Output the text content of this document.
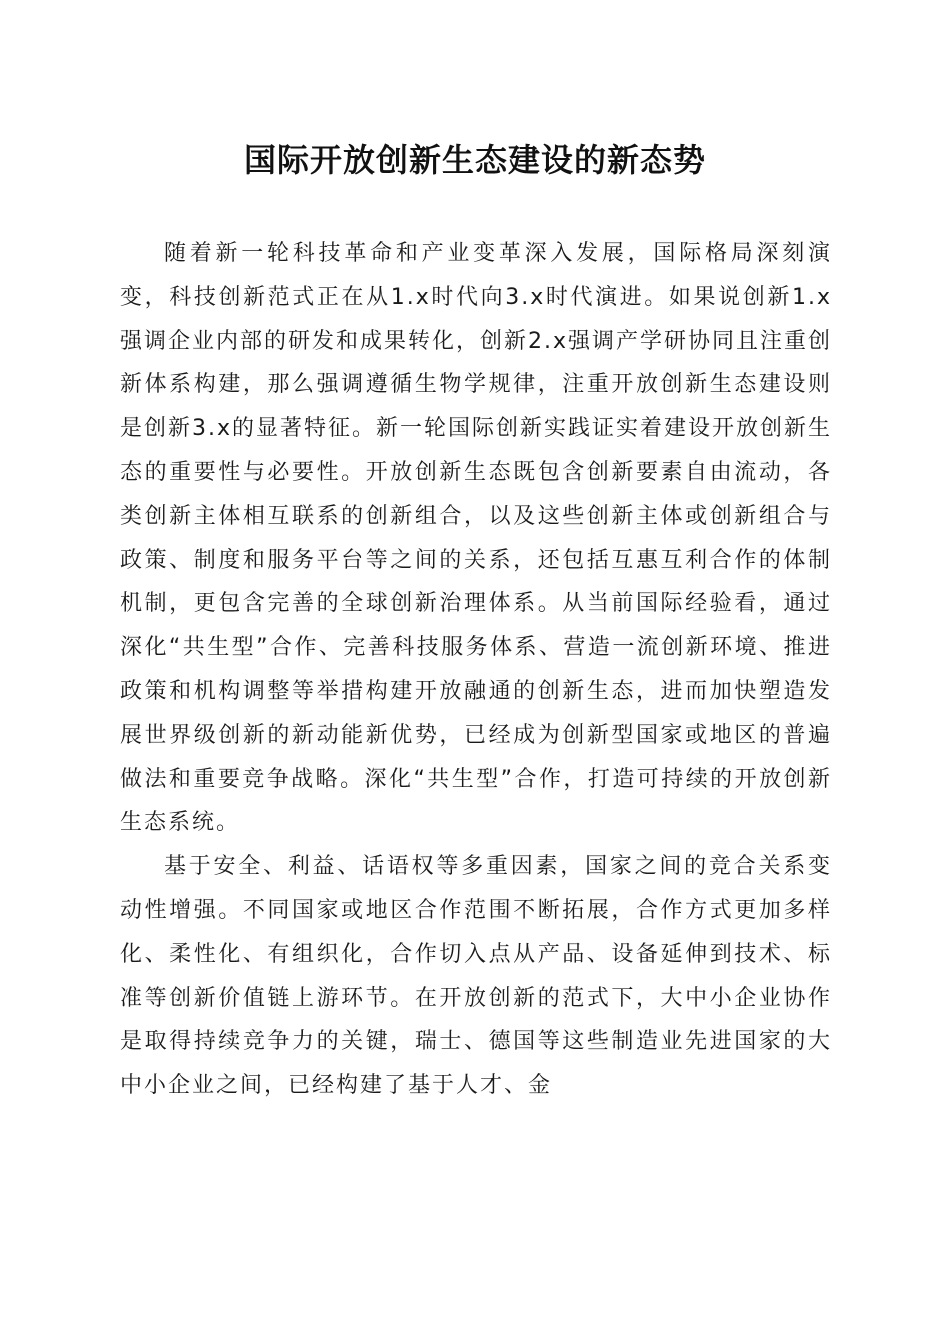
国际开放创新生态建设的新态势

随着新一轮科技革命和产业变革深入发展，国际格局深刻演变，科技创新范式正在从1.x时代向3.x时代演进。如果说创新1.x强调企业内部的研发和成果转化，创新2.x强调产学研协同且注重创新体系构建，那么强调遵循生物学规律，注重开放创新生态建设则是创新3.x的显著特征。新一轮国际创新实践证实着建设开放创新生态的重要性与必要性。开放创新生态既包含创新要素自由流动，各类创新主体相互联系的创新组合，以及这些创新主体或创新组合与政策、制度和服务平台等之间的关系，还包括互惠互利合作的体制机制，更包含完善的全球创新治理体系。从当前国际经验看，通过深化“共生型”合作、完善科技服务体系、营造一流创新环境、推进政策和机构调整等举措构建开放融通的创新生态，进而加快塑造发展世界级创新的新动能新优势，已经成为创新型国家或地区的普遍做法和重要竞争战略。深化“共生型”合作，打造可持续的开放创新生态系统。

基于安全、利益、话语权等多重因素，国家之间的竞合关系变动性增强。不同国家或地区合作范围不断拓展，合作方式更加多样化、柔性化、有组织化，合作切入点从产品、设备延伸到技术、标准等创新价值链上游环节。在开放创新的范式下，大中小企业协作是取得持续竞争力的关键，瑞士、德国等这些制造业先进国家的大中小企业之间，已经构建了基于人才、金
